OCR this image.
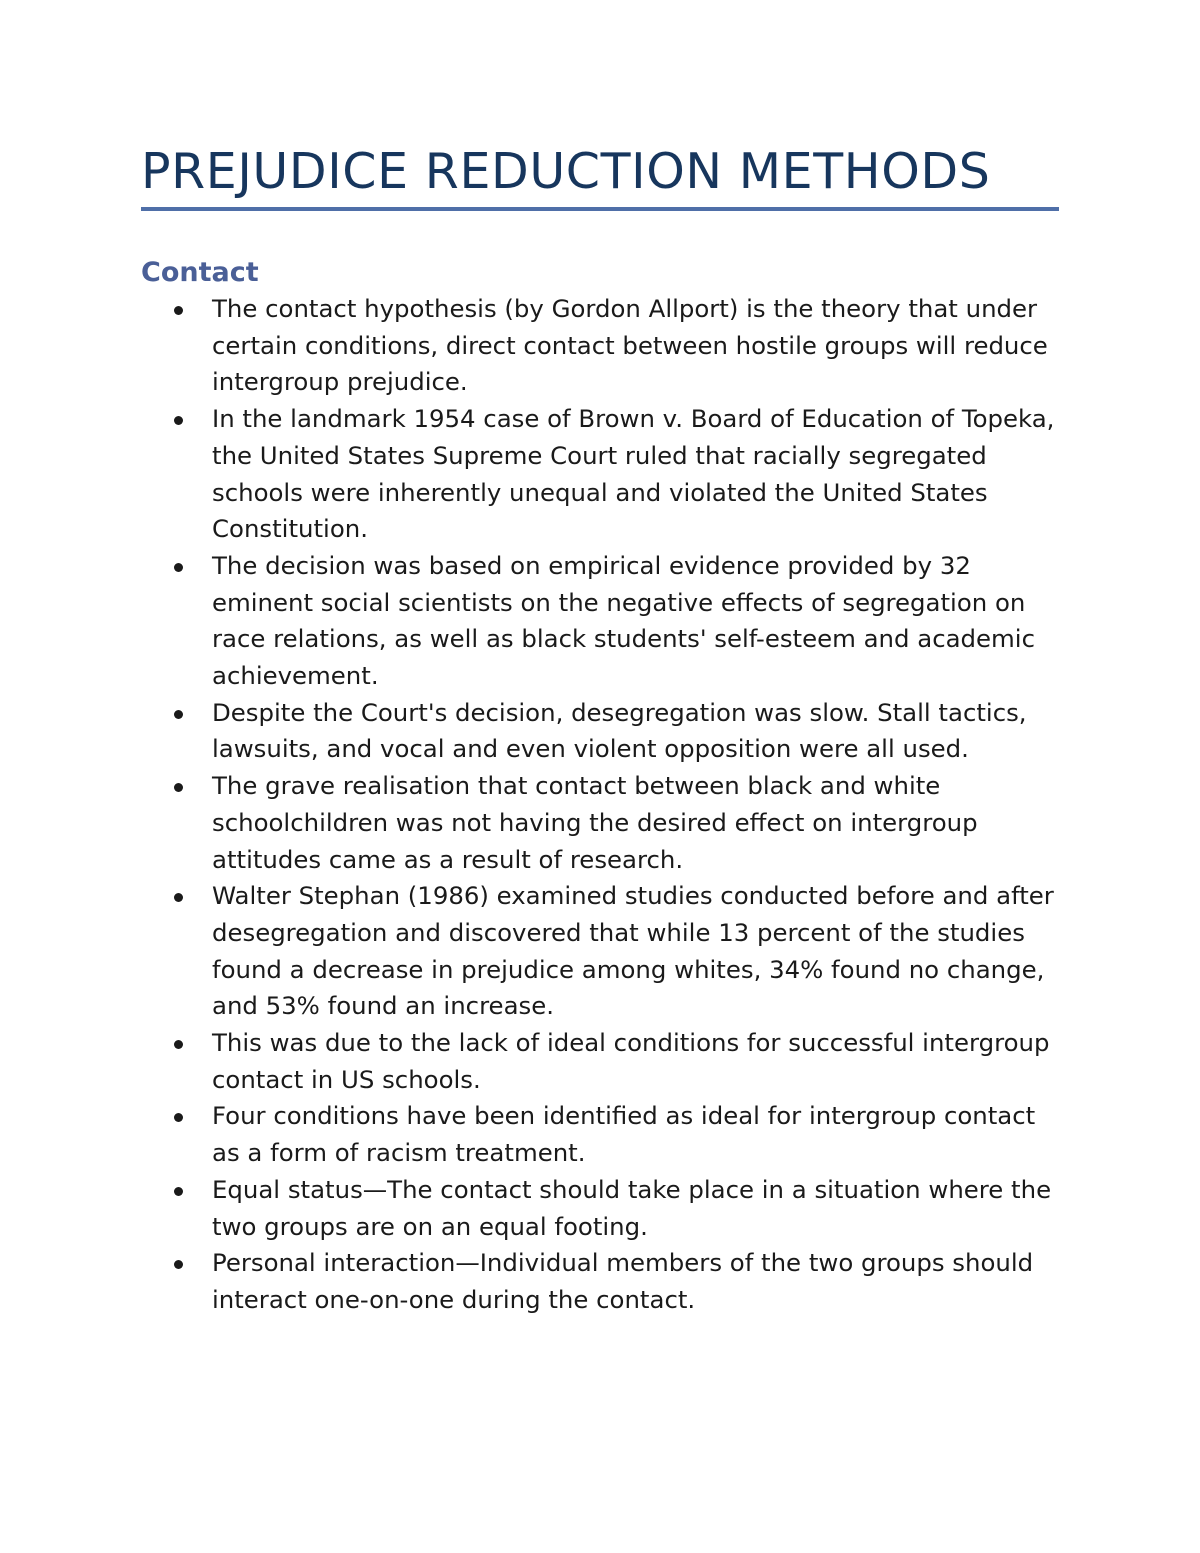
PREJUDICE REDUCTION METHODS
Contact
The contact hypothesis (by Gordon Allport) is the theory that under certain conditions, direct contact between hostile groups will reduce intergroup prejudice.
In the landmark 1954 case of Brown v. Board of Education of Topeka, the United States Supreme Court ruled that racially segregated schools were inherently unequal and violated the United States Constitution.
The decision was based on empirical evidence provided by 32 eminent social scientists on the negative effects of segregation on race relations, as well as black students' self-esteem and academic achievement.
Despite the Court's decision, desegregation was slow. Stall tactics, lawsuits, and vocal and even violent opposition were all used.
The grave realisation that contact between black and white schoolchildren was not having the desired effect on intergroup attitudes came as a result of research.
Walter Stephan (1986) examined studies conducted before and after desegregation and discovered that while 13 percent of the studies found a decrease in prejudice among whites, 34% found no change, and 53% found an increase.
This was due to the lack of ideal conditions for successful intergroup contact in US schools.
Four conditions have been identified as ideal for intergroup contact as a form of racism treatment.
Equal status—The contact should take place in a situation where the two groups are on an equal footing.
Personal interaction—Individual members of the two groups should interact one-on-one during the contact.
